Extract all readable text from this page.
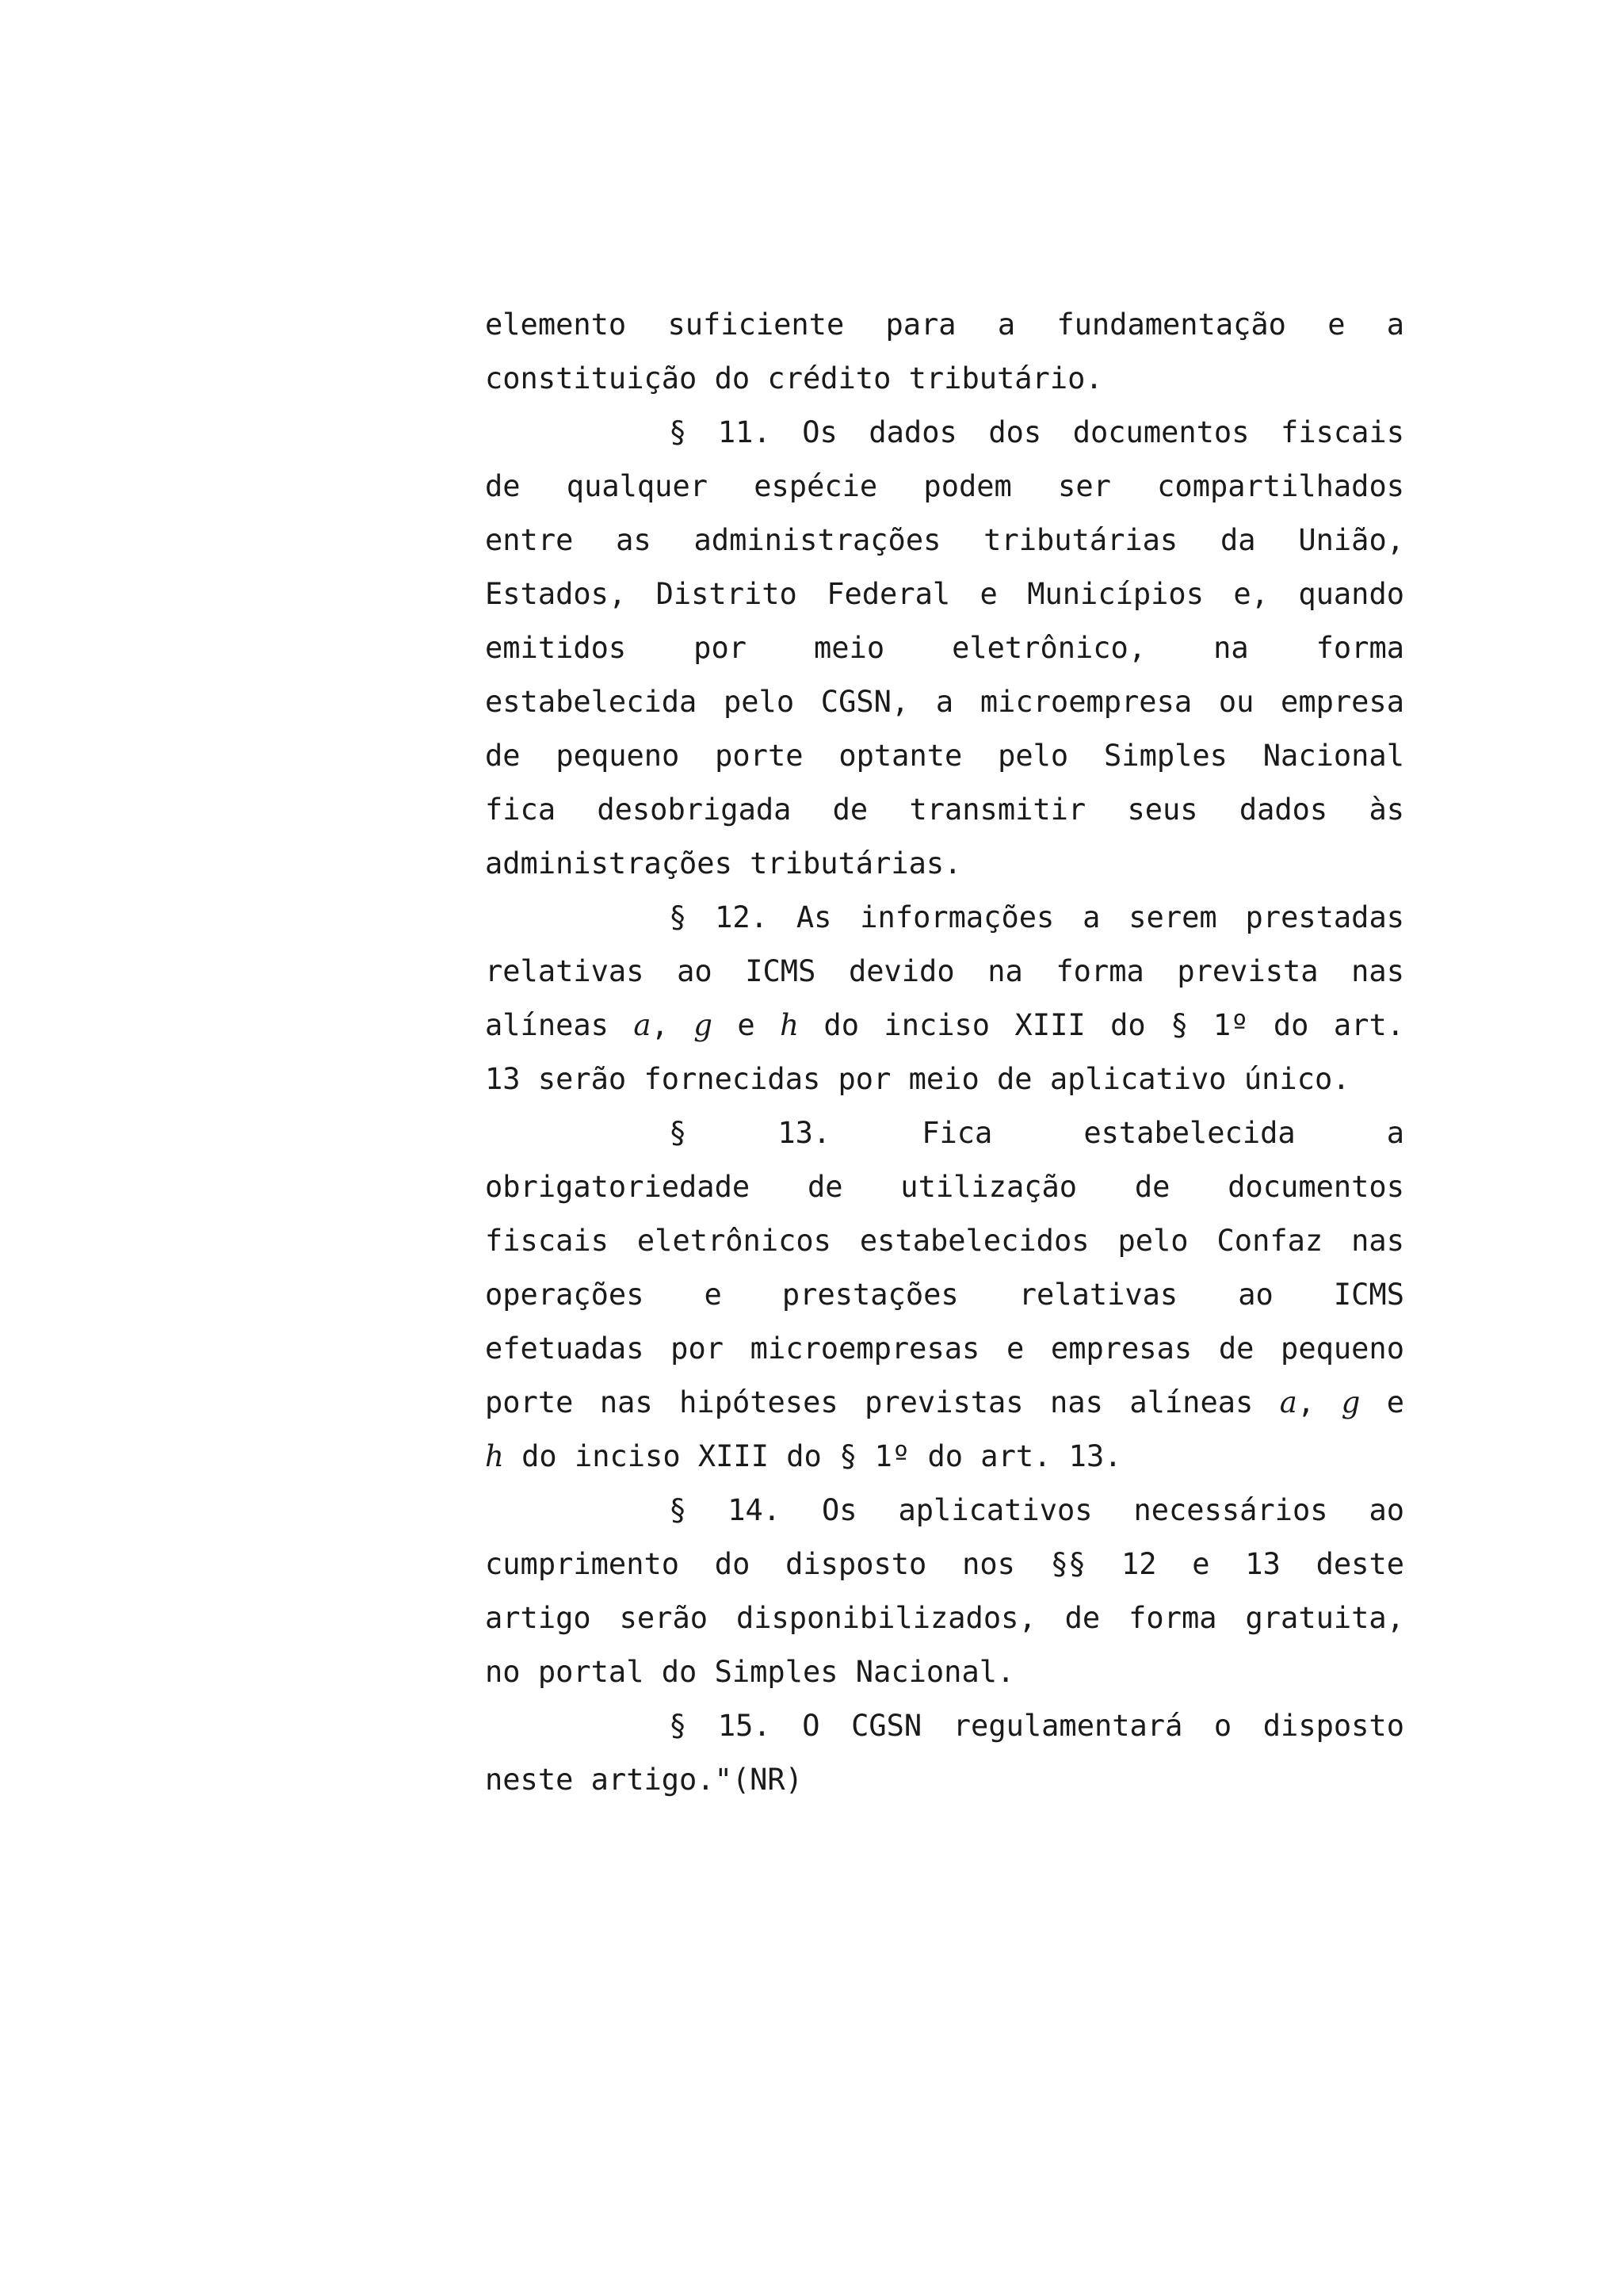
elemento suficiente para a fundamentação e a
constituição do crédito tributário.
§ 11. Os dados dos documentos fiscais
de qualquer espécie podem ser compartilhados
entre as administrações tributárias da União,
Estados, Distrito Federal e Municípios e, quando
emitidos por meio eletrônico, na forma
estabelecida pelo CGSN, a microempresa ou empresa
de pequeno porte optante pelo Simples Nacional
fica desobrigada de transmitir seus dados às
administrações tributárias.
§ 12. As informações a serem prestadas
relativas ao ICMS devido na forma prevista nas
alíneas a, g e h do inciso XIII do § 1º do art.
13 serão fornecidas por meio de aplicativo único.
§ 13. Fica estabelecida a
obrigatoriedade de utilização de documentos
fiscais eletrônicos estabelecidos pelo Confaz nas
operações e prestações relativas ao ICMS
efetuadas por microempresas e empresas de pequeno
porte nas hipóteses previstas nas alíneas a, g e
h do inciso XIII do § 1º do art. 13.
§ 14. Os aplicativos necessários ao
cumprimento do disposto nos §§ 12 e 13 deste
artigo serão disponibilizados, de forma gratuita,
no portal do Simples Nacional.
§ 15. O CGSN regulamentará o disposto
neste artigo."(NR)
